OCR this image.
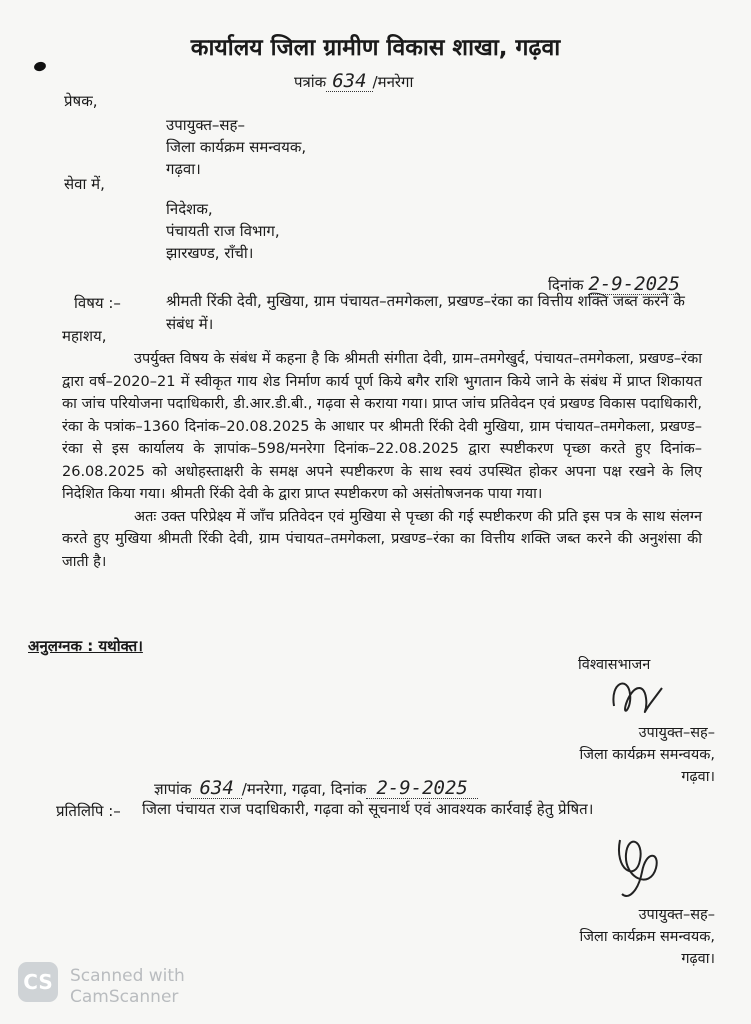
कार्यालय जिला ग्रामीण विकास शाखा, गढ़वा
पत्रांक 634 /मनरेगा
प्रेषक,
उपायुक्त–सह–
जिला कार्यक्रम समन्वयक,
गढ़वा।
सेवा में,
निदेशक,
पंचायती राज विभाग,
झारखण्ड, राँची।
दिनांक 2-9-2025
विषय :–	श्रीमती रिंकी देवी, मुखिया, ग्राम पंचायत–तमगेकला, प्रखण्ड–रंका का वित्तीय शक्ति जब्त करने के संबंध में।
महाशय,

उपर्युक्त विषय के संबंध में कहना है कि श्रीमती संगीता देवी, ग्राम–तमगेखुर्द, पंचायत–तमगेकला, प्रखण्ड–रंका द्वारा वर्ष–2020–21 में स्वीकृत गाय शेड निर्माण कार्य पूर्ण किये बगैर राशि भुगतान किये जाने के संबंध में प्राप्त शिकायत का जांच परियोजना पदाधिकारी, डी.आर.डी.बी., गढ़वा से कराया गया। प्राप्त जांच प्रतिवेदन एवं प्रखण्ड विकास पदाधिकारी, रंका के पत्रांक–1360 दिनांक–20.08.2025 के आधार पर श्रीमती रिंकी देवी मुखिया, ग्राम पंचायत–तमगेकला, प्रखण्ड–रंका से इस कार्यालय के ज्ञापांक–598/मनरेगा दिनांक–22.08.2025 द्वारा स्पष्टीकरण पृच्छा करते हुए दिनांक–26.08.2025 को अधोहस्ताक्षरी के समक्ष अपने स्पष्टीकरण के साथ स्वयं उपस्थित होकर अपना पक्ष रखने के लिए निदेशित किया गया। श्रीमती रिंकी देवी के द्वारा प्राप्त स्पष्टीकरण को असंतोषजनक पाया गया।

अतः उक्त परिप्रेक्ष्य में जाँच प्रतिवेदन एवं मुखिया से पृच्छा की गई स्पष्टीकरण की प्रति इस पत्र के साथ संलग्न करते हुए मुखिया श्रीमती रिंकी देवी, ग्राम पंचायत–तमगेकला, प्रखण्ड–रंका का वित्तीय शक्ति जब्त करने की अनुशंसा की जाती है।

अनुलग्नक : यथोक्त।
विश्वासभाजन
उपायुक्त–सह–
जिला कार्यक्रम समन्वयक,
गढ़वा।
ज्ञापांक 634 /मनरेगा, गढ़वा, दिनांक 2-9-2025
प्रतिलिपि :– जिला पंचायत राज पदाधिकारी, गढ़वा को सूचनार्थ एवं आवश्यक कार्रवाई हेतु प्रेषित।
उपायुक्त–सह–
जिला कार्यक्रम समन्वयक,
गढ़वा।
CS	Scanned with
CamScanner
